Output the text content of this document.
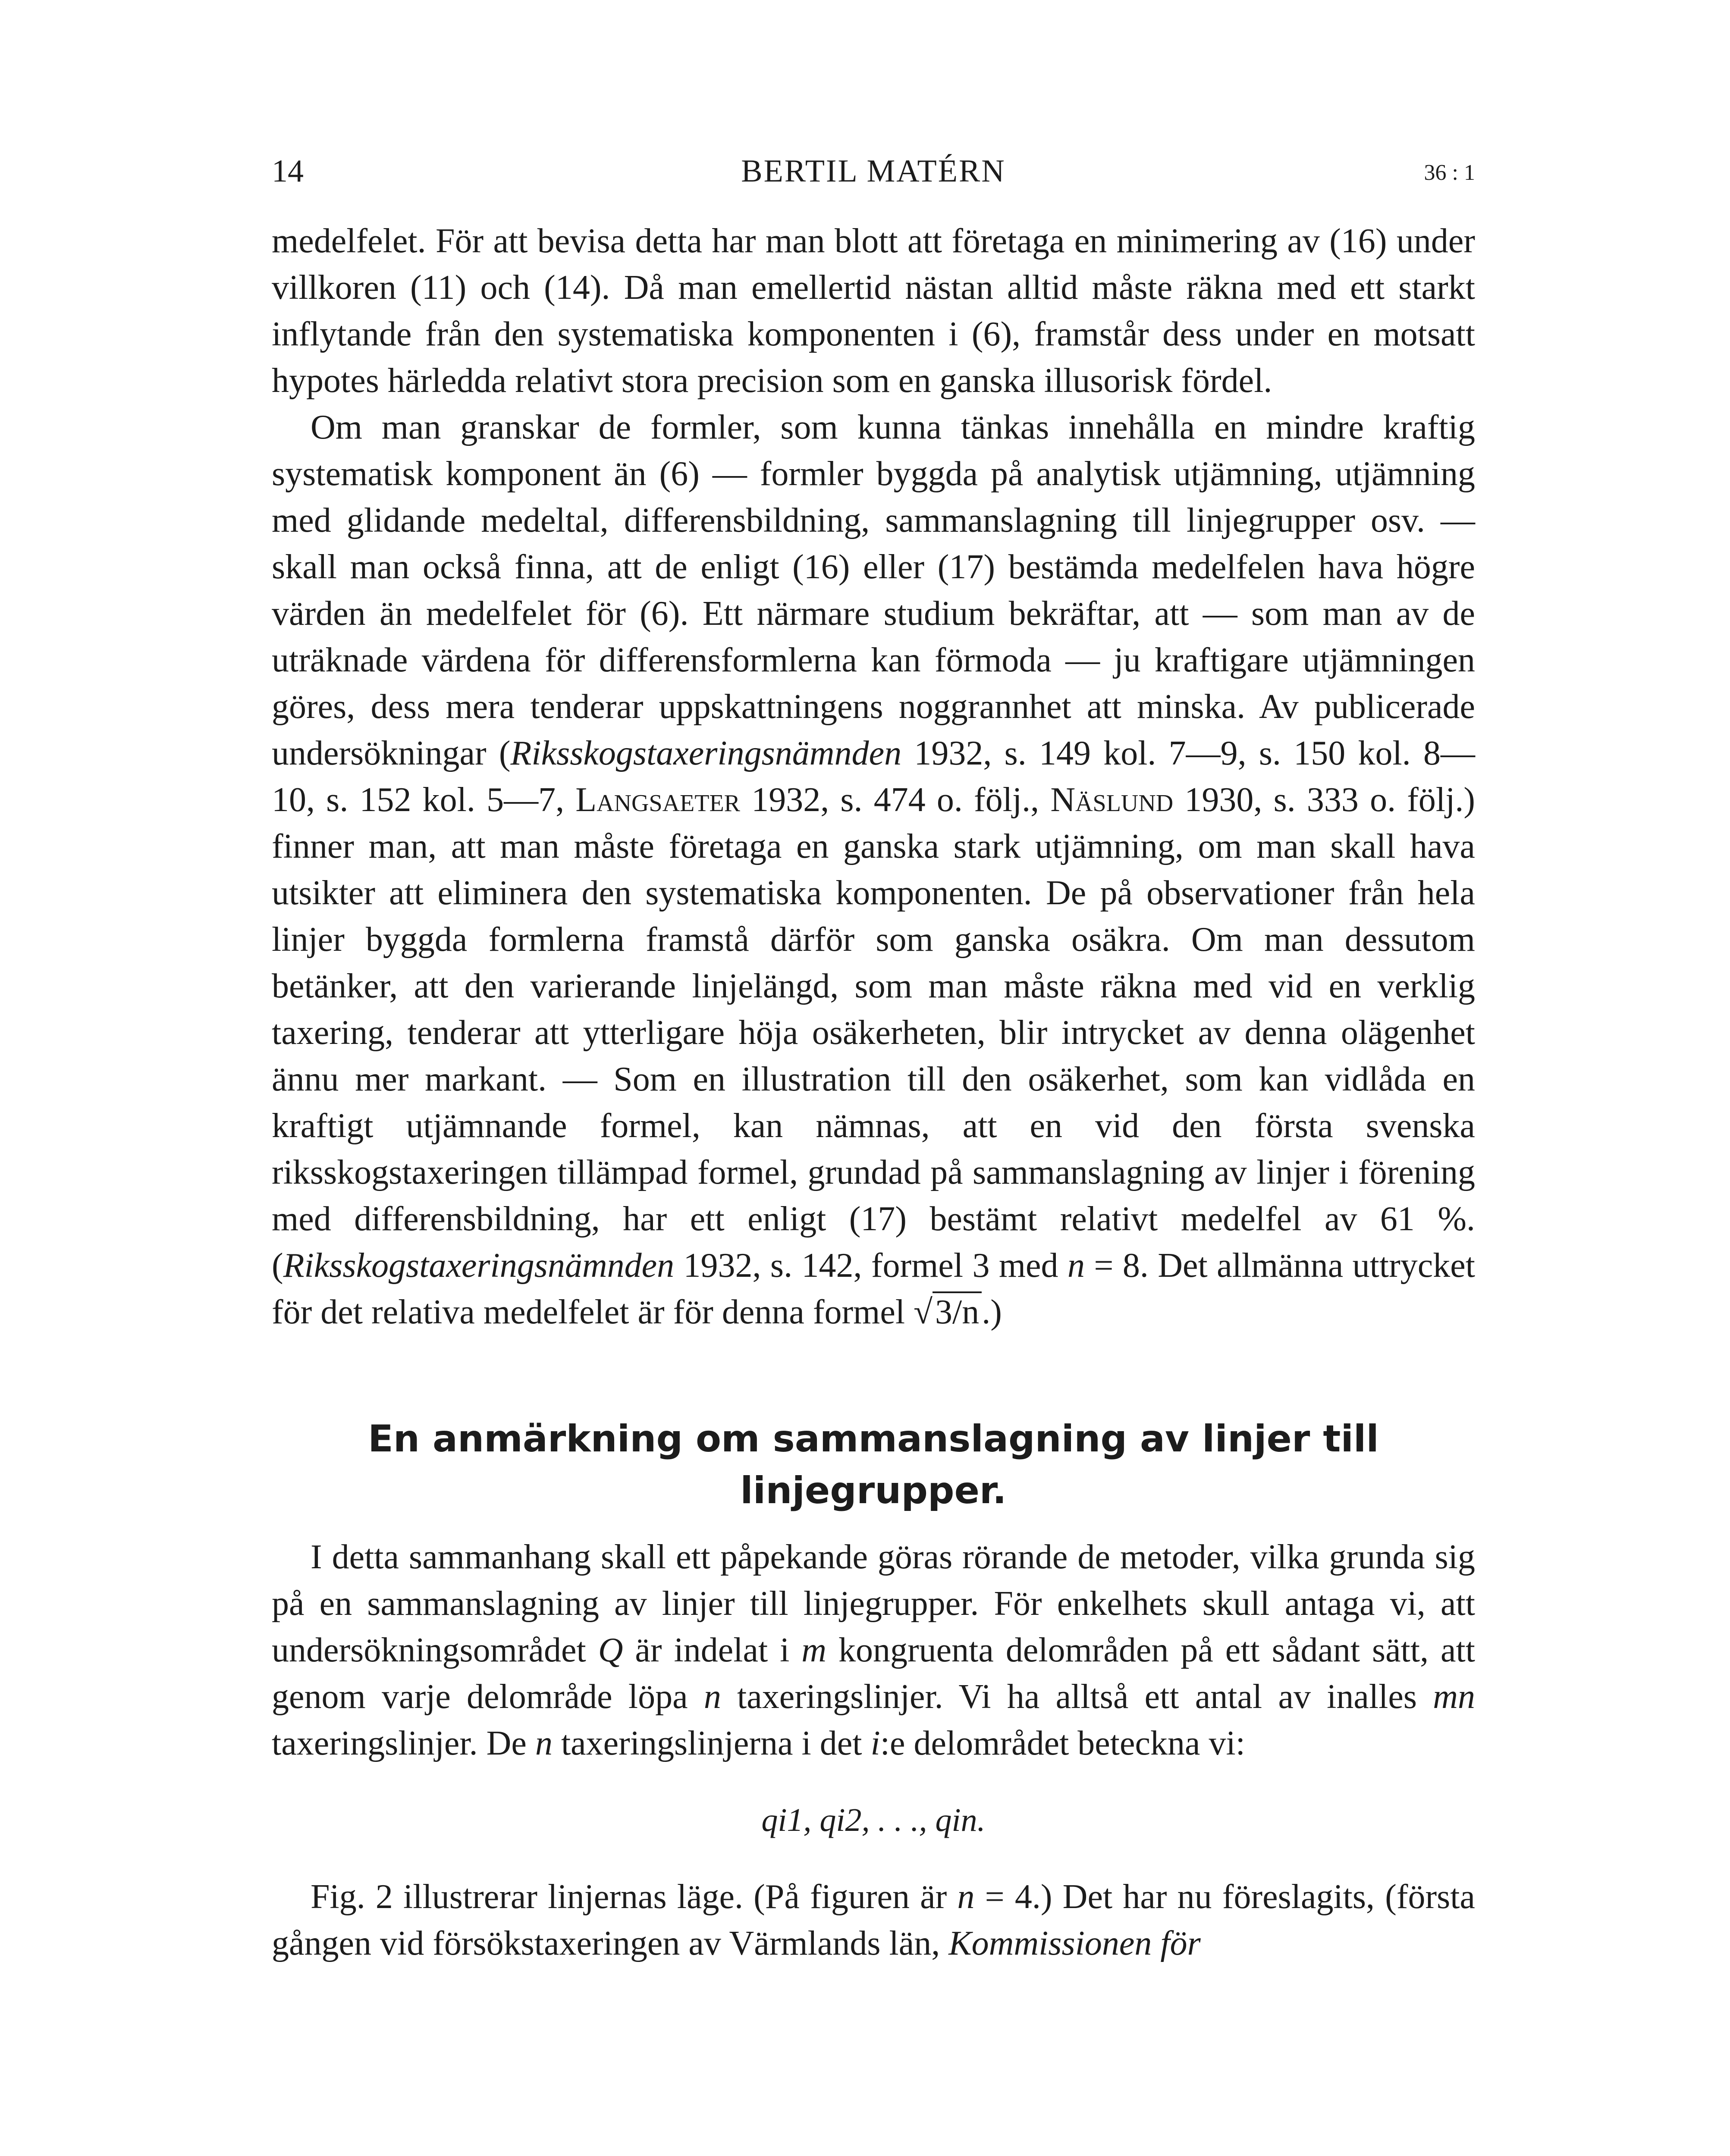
14	BERTIL MATÉRN	36 : 1

medelfelet. För att bevisa detta har man blott att företaga en minimering av (16) under villkoren (11) och (14). Då man emellertid nästan alltid måste räkna med ett starkt inflytande från den systematiska komponenten i (6), framstår dess under en motsatt hypotes härledda relativt stora precision som en ganska illusorisk fördel.

Om man granskar de formler, som kunna tänkas innehålla en mindre kraftig systematisk komponent än (6) — formler byggda på analytisk utjämning, utjämning med glidande medeltal, differensbildning, sammanslagning till linjegrupper osv. — skall man också finna, att de enligt (16) eller (17) bestämda medelfelen hava högre värden än medelfelet för (6). Ett närmare studium bekräftar, att — som man av de uträknade värdena för differensformlerna kan förmoda — ju kraftigare utjämningen göres, dess mera tenderar uppskattningens noggrannhet att minska. Av publicerade undersökningar (Riksskogstaxeringsnämnden 1932, s. 149 kol. 7—9, s. 150 kol. 8—10, s. 152 kol. 5—7, Langsaeter 1932, s. 474 o. följ., Näslund 1930, s. 333 o. följ.) finner man, att man måste företaga en ganska stark utjämning, om man skall hava utsikter att eliminera den systematiska komponenten. De på observationer från hela linjer byggda formlerna framstå därför som ganska osäkra. Om man dessutom betänker, att den varierande linjelängd, som man måste räkna med vid en verklig taxering, tenderar att ytterligare höja osäkerheten, blir intrycket av denna olägenhet ännu mer markant. — Som en illustration till den osäkerhet, som kan vidlåda en kraftigt utjämnande formel, kan nämnas, att en vid den första svenska riksskogstaxeringen tillämpad formel, grundad på sammanslagning av linjer i förening med differensbildning, har ett enligt (17) bestämt relativt medelfel av 61 %. (Riksskogstaxeringsnämnden 1932, s. 142, formel 3 med n = 8. Det allmänna uttrycket för det relativa medelfelet är för denna formel √3/n.)

En anmärkning om sammanslagning av linjer till linjegrupper.

I detta sammanhang skall ett påpekande göras rörande de metoder, vilka grunda sig på en sammanslagning av linjer till linjegrupper. För enkelhets skull antaga vi, att undersökningsområdet Q är indelat i m kongruenta delområden på ett sådant sätt, att genom varje delområde löpa n taxeringslinjer. Vi ha alltså ett antal av inalles mn taxeringslinjer. De n taxeringslinjerna i det i:e delområdet beteckna vi:

qi1, qi2, . . ., qin.

Fig. 2 illustrerar linjernas läge. (På figuren är n = 4.) Det har nu föreslagits, (första gången vid försökstaxeringen av Värmlands län, Kommissionen för
